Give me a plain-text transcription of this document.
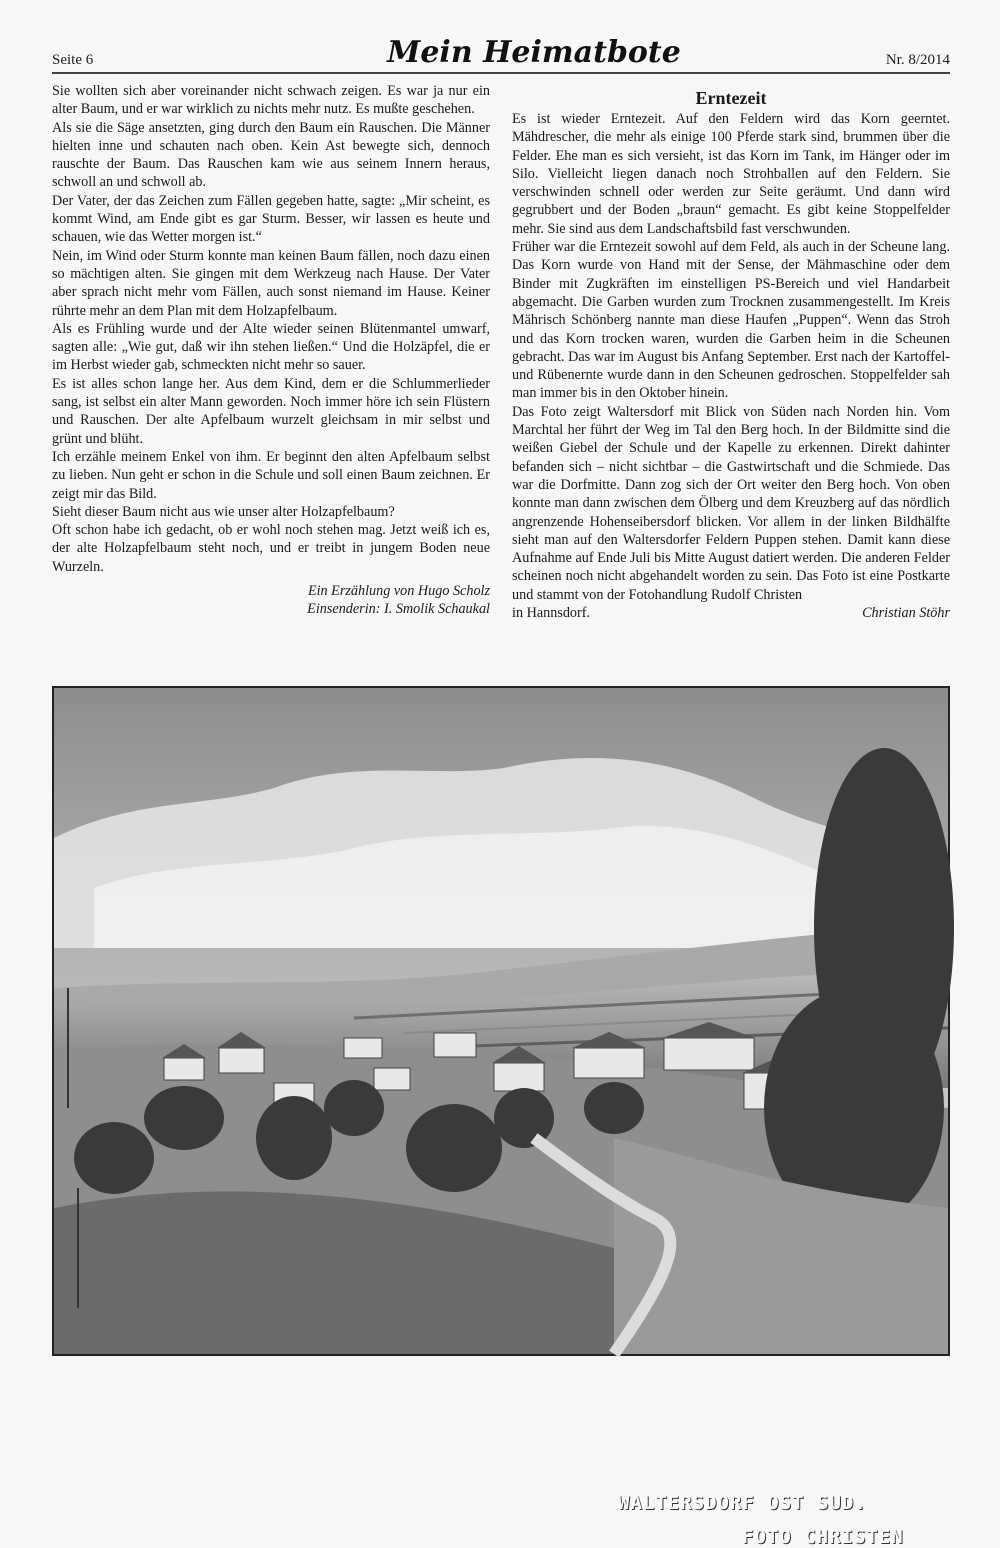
Seite 6	Mein Heimatbote	Nr. 8/2014

Sie wollten sich aber voreinander nicht schwach zeigen. Es war ja nur ein alter Baum, und er war wirklich zu nichts mehr nutz. Es mußte geschehen.

Als sie die Säge ansetzten, ging durch den Baum ein Rauschen. Die Männer hielten inne und schauten nach oben. Kein Ast bewegte sich, dennoch rauschte der Baum. Das Rauschen kam wie aus seinem Innern heraus, schwoll an und schwoll ab.

Der Vater, der das Zeichen zum Fällen gegeben hatte, sagte: „Mir scheint, es kommt Wind, am Ende gibt es gar Sturm. Besser, wir lassen es heute und schauen, wie das Wetter morgen ist.“

Nein, im Wind oder Sturm konnte man keinen Baum fällen, noch dazu einen so mächtigen alten. Sie gingen mit dem Werkzeug nach Hause. Der Vater aber sprach nicht mehr vom Fällen, auch sonst niemand im Hause. Keiner rührte mehr an dem Plan mit dem Holzapfelbaum.

Als es Frühling wurde und der Alte wieder seinen Blütenmantel umwarf, sagten alle: „Wie gut, daß wir ihn stehen ließen.“ Und die Holzäpfel, die er im Herbst wieder gab, schmeckten nicht mehr so sauer.

Es ist alles schon lange her. Aus dem Kind, dem er die Schlummerlieder sang, ist selbst ein alter Mann geworden. Noch immer höre ich sein Flüstern und Rauschen. Der alte Apfelbaum wurzelt gleichsam in mir selbst und grünt und blüht.

Ich erzähle meinem Enkel von ihm. Er beginnt den alten Apfelbaum selbst zu lieben. Nun geht er schon in die Schule und soll einen Baum zeichnen. Er zeigt mir das Bild.

Sieht dieser Baum nicht aus wie unser alter Holzapfelbaum?

Oft schon habe ich gedacht, ob er wohl noch stehen mag. Jetzt weiß ich es, der alte Holzapfelbaum steht noch, und er treibt in jungem Boden neue Wurzeln.

Ein Erzählung von Hugo Scholz
Einsenderin: I. Smolik Schaukal
Erntezeit

Es ist wieder Erntezeit. Auf den Feldern wird das Korn geerntet. Mähdrescher, die mehr als einige 100 Pferde stark sind, brummen über die Felder. Ehe man es sich versieht, ist das Korn im Tank, im Hänger oder im Silo. Vielleicht liegen danach noch Strohballen auf den Feldern. Sie verschwinden schnell oder werden zur Seite geräumt. Und dann wird gegrubbert und der Boden „braun“ gemacht. Es gibt keine Stoppelfelder mehr. Sie sind aus dem Landschaftsbild fast verschwunden.

Früher war die Erntezeit sowohl auf dem Feld, als auch in der Scheune lang. Das Korn wurde von Hand mit der Sense, der Mähmaschine oder dem Binder mit Zugkräften im einstelligen PS-Bereich und viel Handarbeit abgemacht. Die Garben wurden zum Trocknen zusammengestellt. Im Kreis Mährisch Schönberg nannte man diese Haufen „Puppen“. Wenn das Stroh und das Korn trocken waren, wurden die Garben heim in die Scheunen gebracht. Das war im August bis Anfang September. Erst nach der Kartoffel- und Rübenernte wurde dann in den Scheunen gedroschen. Stoppelfelder sah man immer bis in den Oktober hinein.

Das Foto zeigt Waltersdorf mit Blick von Süden nach Norden hin. Vom Marchtal her führt der Weg im Tal den Berg hoch. In der Bildmitte sind die weißen Giebel der Schule und der Kapelle zu erkennen. Direkt dahinter befanden sich – nicht sichtbar – die Gastwirtschaft und die Schmiede. Das war die Dorfmitte. Dann zog sich der Ort weiter den Berg hoch. Von oben konnte man dann zwischen dem Ölberg und dem Kreuzberg auf das nördlich angrenzende Hohenseibersdorf blicken. Vor allem in der linken Bildhälfte sieht man auf den Waltersdorfer Feldern Puppen stehen. Damit kann diese Aufnahme auf Ende Juli bis Mitte August datiert werden. Die anderen Felder scheinen noch nicht abgehandelt worden zu sein. Das Foto ist eine Postkarte und stammt von der Fotohandlung Rudolf Christen

in Hannsdorf.	Christian Stöhr
WALTERSDORF OST SUD.
FOTO CHRISTEN
